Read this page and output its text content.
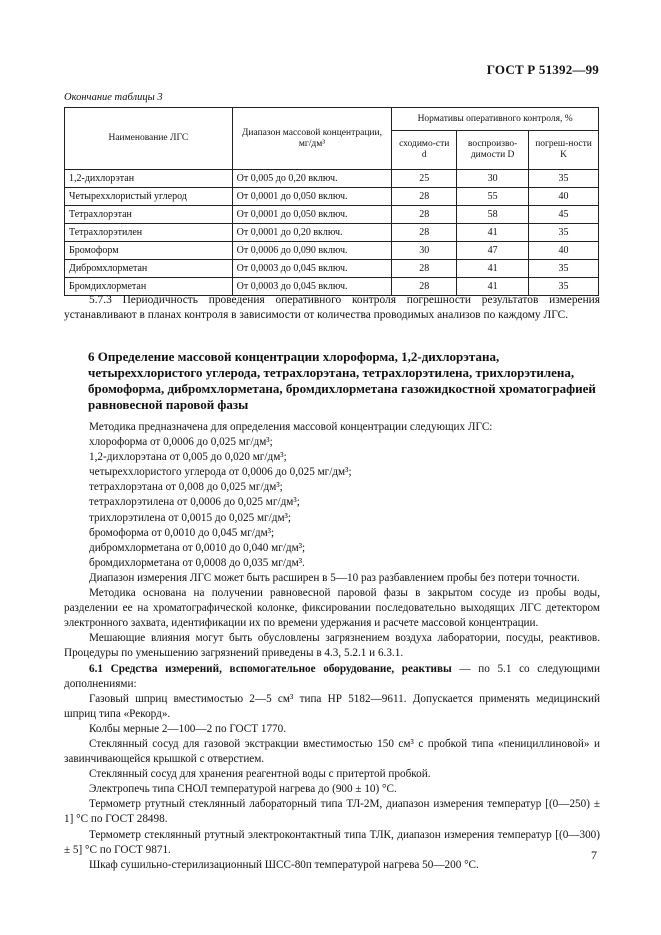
ГОСТ Р 51392—99
Окончание таблицы 3
Наименование ЛГС	Диапазон массовой концентрации, мг/дм³	Нормативы оперативного контроля, %		
		сходимо-сти d	воспроизво-димости D	погреш-ности K
1,2-дихлорэтан	От 0,005 до 0,20 включ.	25	30	35
Четыреххлористый углерод	От 0,0001 до 0,050 включ.	28	55	40
Тетрахлорэтан	От 0,0001 до 0,050 включ.	28	58	45
Тетрахлорэтилен	От 0,0001 до 0,20 включ.	28	41	35
Бромоформ	От 0,0006 до 0,090 включ.	30	47	40
Дибромхлорметан	От 0,0003 до 0,045 включ.	28	41	35
Бромдихлорметан	От 0,0003 до 0,045 включ.	28	41	35

5.7.3 Периодичность проведения оперативного контроля погрешности результатов измерения устанавливают в планах контроля в зависимости от количества проводимых анализов по каждому ЛГС.

6 Определение массовой концентрации хлороформа, 1,2-дихлорэтана, четыреххлористого углерода, тетрахлорэтана, тетрахлорэтилена, трихлорэтилена, бромоформа, дибромхлорметана, бромдихлорметана газожидкостной хроматографией равновесной паровой фазы

Методика предназначена для определения массовой концентрации следующих ЛГС:

хлороформа от 0,0006 до 0,025 мг/дм³;

1,2-дихлорэтана от 0,005 до 0,020 мг/дм³;

четыреххлористого углерода от 0,0006 до 0,025 мг/дм³;

тетрахлорэтана от 0,008 до 0,025 мг/дм³;

тетрахлорэтилена от 0,0006 до 0,025 мг/дм³;

трихлорэтилена от 0,0015 до 0,025 мг/дм³;

бромоформа от 0,0010 до 0,045 мг/дм³;

дибромхлорметана от 0,0010 до 0,040 мг/дм³;

бромдихлорметана от 0,0008 до 0,035 мг/дм³.

Диапазон измерения ЛГС может быть расширен в 5—10 раз разбавлением пробы без потери точности.

Методика основана на получении равновесной паровой фазы в закрытом сосуде из пробы воды, разделении ее на хроматографической колонке, фиксировании последовательно выходящих ЛГС детектором электронного захвата, идентификации их по времени удержания и расчете массовой концентрации.

Мешающие влияния могут быть обусловлены загрязнением воздуха лаборатории, посуды, реактивов. Процедуры по уменьшению загрязнений приведены в 4.3, 5.2.1 и 6.3.1.

6.1 Средства измерений, вспомогательное оборудование, реактивы — по 5.1 со следующими дополнениями:

Газовый шприц вместимостью 2—5 см³ типа НР 5182—9611. Допускается применять медицинский шприц типа «Рекорд».

Колбы мерные 2—100—2 по ГОСТ 1770.

Стеклянный сосуд для газовой экстракции вместимостью 150 см³ с пробкой типа «пенициллиновой» и завинчивающейся крышкой с отверстием.

Стеклянный сосуд для хранения реагентной воды с притертой пробкой.

Электропечь типа СНОЛ температурой нагрева до (900 ± 10) °С.

Термометр ртутный стеклянный лабораторный типа ТЛ-2М, диапазон измерения температур [(0—250) ± 1] °С по ГОСТ 28498.

Термометр стеклянный ртутный электроконтактный типа ТЛК, диапазон измерения температур [(0—300) ± 5] °С по ГОСТ 9871.

Шкаф сушильно-стерилизационный ШСС-80п температурой нагрева 50—200 °С.

7
